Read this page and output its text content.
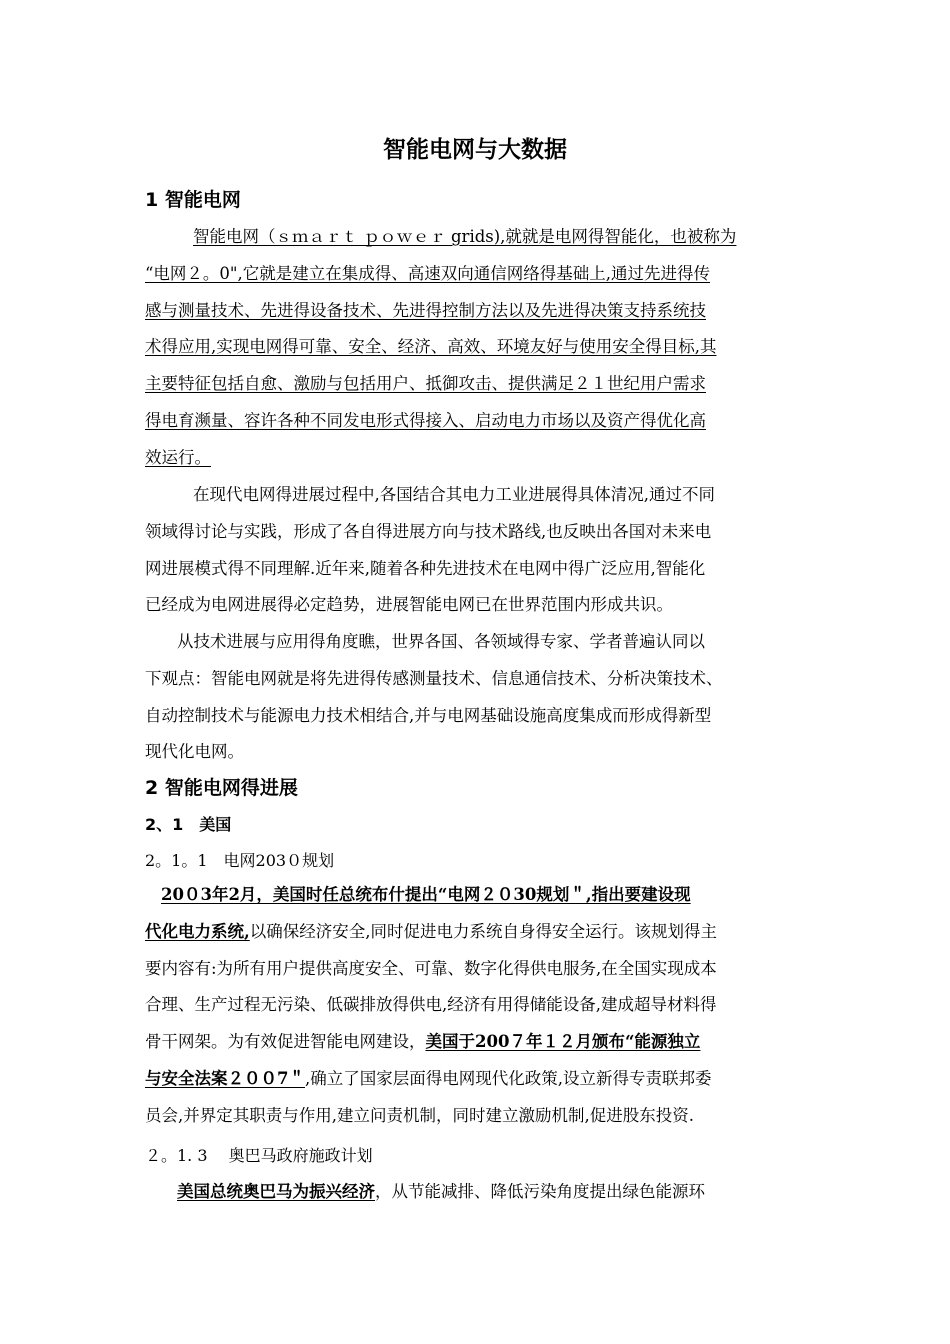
智能电网与大数据
1 智能电网
智能电网（ｓｍａｒｔ ｐｏｗｅｒ grids),就就是电网得智能化，也被称为
“电网２。0",它就是建立在集成得、高速双向通信网络得基础上,通过先进得传
感与测量技术、先进得设备技术、先进得控制方法以及先进得决策支持系统技
术得应用,实现电网得可靠、安全、经济、高效、环境友好与使用安全得目标,其
主要特征包括自愈、激励与包括用户、抵御攻击、提供满足２１世纪用户需求
得电育濒量、容许各种不同发电形式得接入、启动电力市场以及资产得优化高
效运行。
在现代电网得进展过程中,各国结合其电力工业进展得具体清况,通过不同
领域得讨论与实践，形成了各自得进展方向与技术路线,也反映出各国对未来电
网进展模式得不同理解.近年来,随着各种先进技术在电网中得广泛应用,智能化
已经成为电网进展得必定趋势，进展智能电网已在世界范围内形成共识。
从技术进展与应用得角度瞧，世界各国、各领域得专家、学者普遍认同以
下观点：智能电网就是将先进得传感测量技术、信息通信技术、分析决策技术、
自动控制技术与能源电力技术相结合,并与电网基础设施高度集成而形成得新型
现代化电网。
2 智能电网得进展
2、1　美国
2。1。1　电网203０规划
20０3年2月，美国时任总统布什提出“电网２０30规划＂,指出要建设现
代化电力系统,以确保经济安全,同时促进电力系统自身得安全运行。该规划得主
要内容有:为所有用户提供高度安全、可靠、数字化得供电服务,在全国实现成本
合理、生产过程无污染、低碳排放得供电,经济有用得储能设备,建成超导材料得
骨干网架。为有效促进智能电网建设，美国于200７年１２月颁布“能源独立
与安全法案２００7＂,确立了国家层面得电网现代化政策,设立新得专责联邦委
员会,并界定其职责与作用,建立问责机制，同时建立激励机制,促进股东投资.
２。1. 3　 奥巴马政府施政计划
美国总统奥巴马为振兴经济，从节能减排、降低污染角度提出绿色能源环
